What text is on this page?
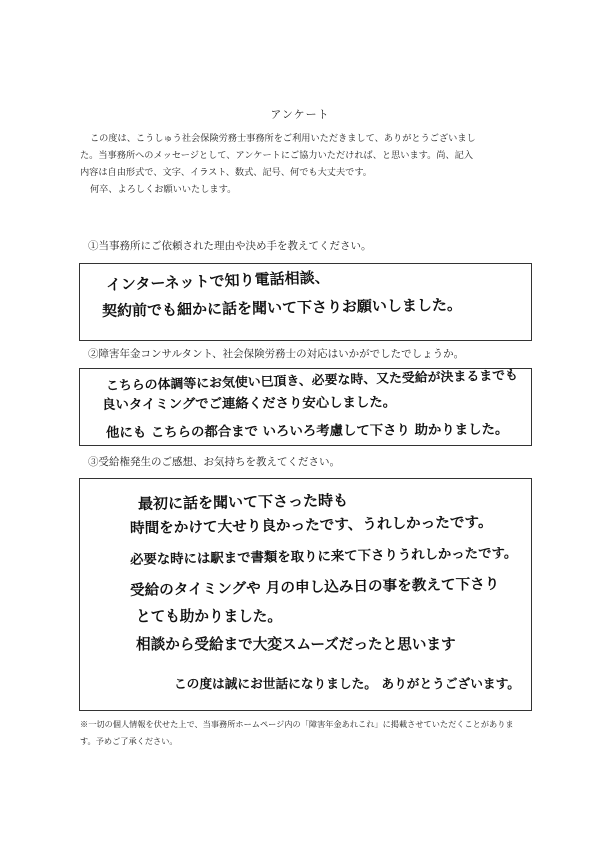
アンケート

この度は、こうしゅう社会保険労務士事務所をご利用いただきまして、ありがとうございまし

た。当事務所へのメッセージとして、アンケートにご協力いただければ、と思います。尚、記入

内容は自由形式で、文字、イラスト、数式、記号、何でも大丈夫です。

何卒、よろしくお願いいたします。

①当事務所にご依頼された理由や決め手を教えてください。
インターネットで知り電話相談、
契約前でも細かに話を聞いて下さりお願いしました。
②障害年金コンサルタント、社会保険労務士の対応はいかがでしたでしょうか。
こちらの体調等にお気使い巳頂き、必要な時、又た受給が決まるまでも
良いタイミングでご連絡くださり安心しました。
他にも こちらの都合まで いろいろ考慮して下さり 助かりました。
③受給権発生のご感想、お気持ちを教えてください。
最初に話を聞いて下さった時も
時間をかけて大せり良かったです、うれしかったです。
必要な時には駅まで書類を取りに来て下さりうれしかったです。
受給のタイミングや 月の申し込み日の事を教えて下さり
とても助かりました。
相談から受給まで大変スムーズだったと思います
この度は誠にお世話になりました。 ありがとうございます。

※一切の個人情報を伏せた上で、当事務所ホームページ内の「障害年金あれこれ」に掲載させていただくことがありま

す。予めご了承ください。
